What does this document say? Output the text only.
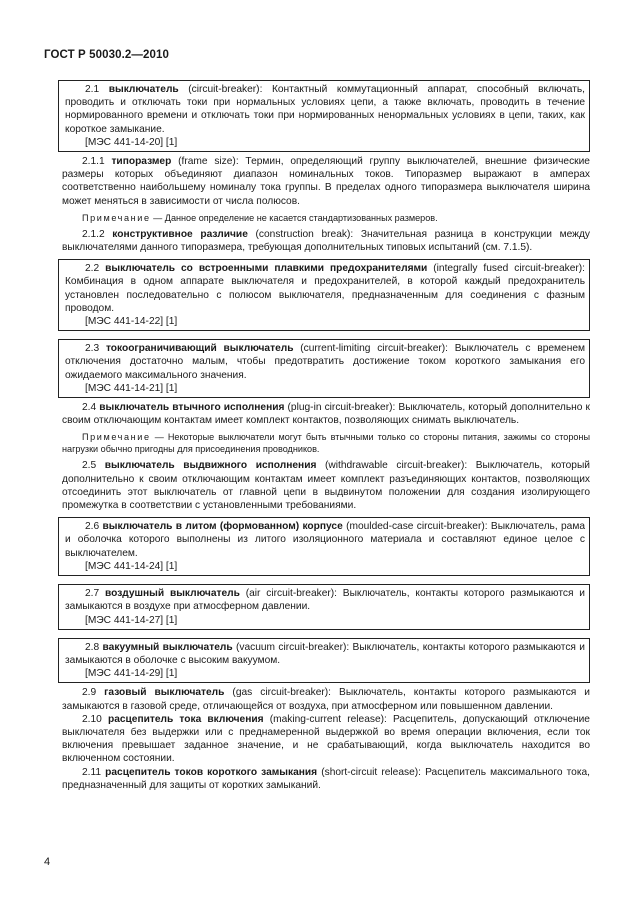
ГОСТ Р 50030.2—2010

2.1 выключатель (circuit-breaker): Контактный коммутационный аппарат, способный включать, проводить и отключать токи при нормальных условиях цепи, а также включать, проводить в течение нормированного времени и отключать токи при нормированных ненормальных условиях в цепи, таких, как короткое замыкание.

[МЭС 441-14-20] [1]

2.1.1 типоразмер (frame size): Термин, определяющий группу выключателей, внешние физические размеры которых объединяют диапазон номинальных токов. Типоразмер выражают в амперах соответственно наибольшему номиналу тока группы. В пределах одного типоразмера выключателя ширина может меняться в зависимости от числа полюсов.

Примечание — Данное определение не касается стандартизованных размеров.

2.1.2 конструктивное различие (construction break): Значительная разница в конструкции между выключателями данного типоразмера, требующая дополнительных типовых испытаний (см. 7.1.5).

2.2 выключатель со встроенными плавкими предохранителями (integrally fused circuit-breaker): Комбинация в одном аппарате выключателя и предохранителей, в которой каждый предохранитель установлен последовательно с полюсом выключателя, предназначенным для соединения с фазным проводом.

[МЭС 441-14-22] [1]

2.3 токоограничивающий выключатель (current-limiting circuit-breaker): Выключатель с временем отключения достаточно малым, чтобы предотвратить достижение током короткого замыкания его ожидаемого максимального значения.

[МЭС 441-14-21] [1]

2.4 выключатель втычного исполнения (plug-in circuit-breaker): Выключатель, который дополнительно к своим отключающим контактам имеет комплект контактов, позволяющих снимать выключатель.

Примечание — Некоторые выключатели могут быть втычными только со стороны питания, зажимы со стороны нагрузки обычно пригодны для присоединения проводников.

2.5 выключатель выдвижного исполнения (withdrawable circuit-breaker): Выключатель, который дополнительно к своим отключающим контактам имеет комплект разъединяющих контактов, позволяющих отсоединить этот выключатель от главной цепи в выдвинутом положении для создания изолирующего промежутка в соответствии с установленными требованиями.

2.6 выключатель в литом (формованном) корпусе (moulded-case circuit-breaker): Выключатель, рама и оболочка которого выполнены из литого изоляционного материала и составляют единое целое с выключателем.

[МЭС 441-14-24] [1]

2.7 воздушный выключатель (air circuit-breaker): Выключатель, контакты которого размыкаются и замыкаются в воздухе при атмосферном давлении.

[МЭС 441-14-27] [1]

2.8 вакуумный выключатель (vacuum circuit-breaker): Выключатель, контакты которого размыкаются и замыкаются в оболочке с высоким вакуумом.

[МЭС 441-14-29] [1]

2.9 газовый выключатель (gas circuit-breaker): Выключатель, контакты которого размыкаются и замыкаются в газовой среде, отличающейся от воздуха, при атмосферном или повышенном давлении.

2.10 расцепитель тока включения (making-current release): Расцепитель, допускающий отключение выключателя без выдержки или с преднамеренной выдержкой во время операции включения, если ток включения превышает заданное значение, и не срабатывающий, когда выключатель находится во включенном состоянии.

2.11 расцепитель токов короткого замыкания (short-circuit release): Расцепитель максимального тока, предназначенный для защиты от коротких замыканий.

4
